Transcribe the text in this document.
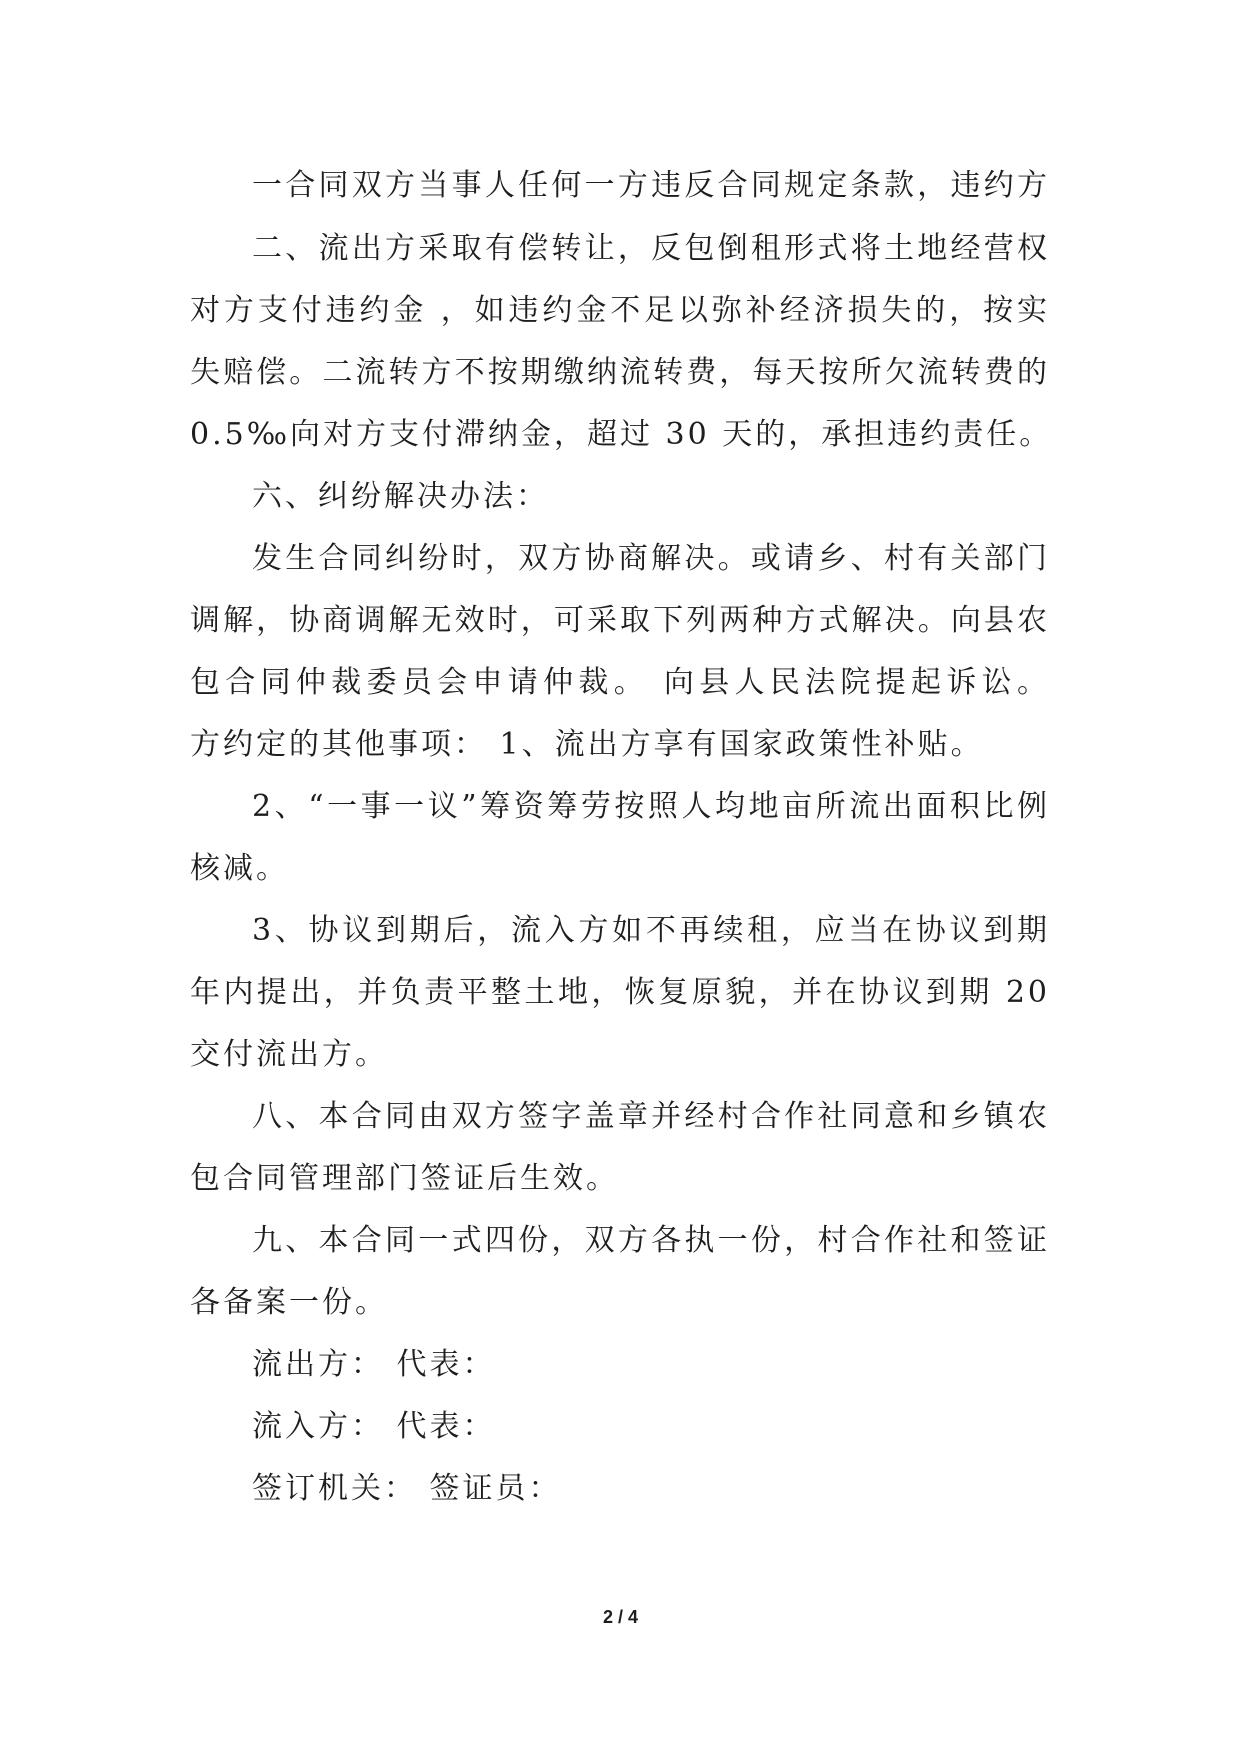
一合同双方当事人任何一方违反合同规定条款，违约方
二、流出方采取有偿转让，反包倒租形式将土地经营权
对方支付违约金 ，如违约金不足以弥补经济损失的，按实
失赔偿。二流转方不按期缴纳流转费，每天按所欠流转费的
0.5‰向对方支付滞纳金，超过 30 天的，承担违约责任。
六、纠纷解决办法：
发生合同纠纷时，双方协商解决。或请乡、村有关部门
调解，协商调解无效时，可采取下列两种方式解决。向县农
包合同仲裁委员会申请仲裁。 向县人民法院提起诉讼。
方约定的其他事项： 1、流出方享有国家政策性补贴。
2、“一事一议”筹资筹劳按照人均地亩所流出面积比例
核减。
3、协议到期后，流入方如不再续租，应当在协议到期
年内提出，并负责平整土地，恢复原貌，并在协议到期 20
交付流出方。
八、本合同由双方签字盖章并经村合作社同意和乡镇农
包合同管理部门签证后生效。
九、本合同一式四份，双方各执一份，村合作社和签证
各备案一份。
流出方： 代表：
流入方： 代表：
签订机关： 签证员：
2 / 4
